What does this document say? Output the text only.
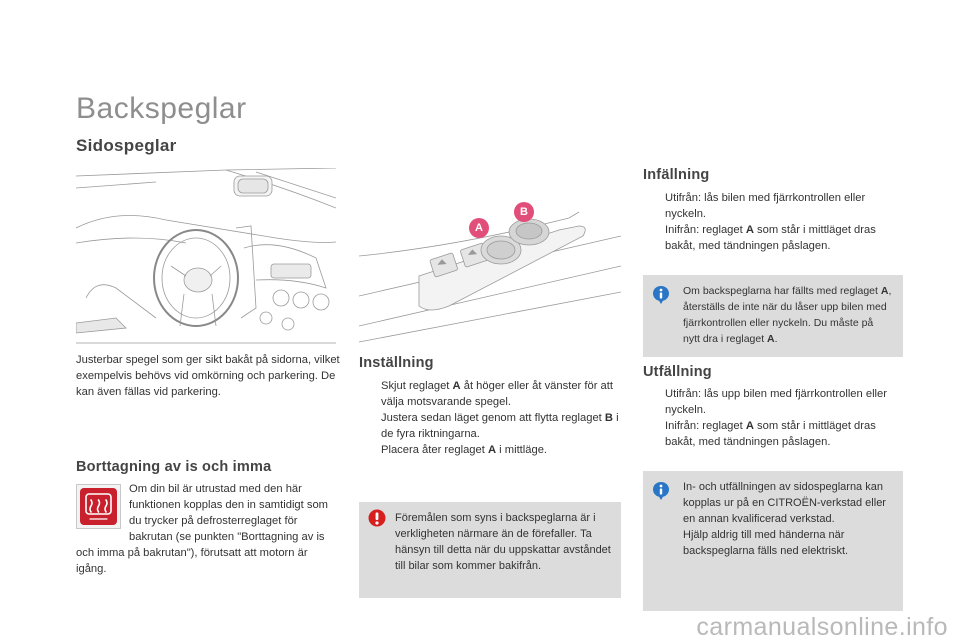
Backspeglar
Sidospeglar
A
B
Justerbar spegel som ger sikt bakåt på sidorna, vilket exempelvis behövs vid omkörning och parkering. De kan även fällas vid parkering.
Borttagning av is och imma
Om din bil är utrustad med den här funktionen kopplas den in samtidigt som du trycker på defrosterreglaget för bakrutan (se punkten "Borttagning av is och imma på bakrutan"), förutsatt att motorn är igång.
Inställning
Skjut reglaget A åt höger eller åt vänster för att välja motsvarande spegel.
Justera sedan läget genom att flytta reglaget B i de fyra riktningarna.
Placera åter reglaget A i mittläge.
Föremålen som syns i backspeglarna är i verkligheten närmare än de förefaller. Ta hänsyn till detta när du uppskattar avståndet till bilar som kommer bakifrån.
Infällning
Utifrån: lås bilen med fjärrkontrollen eller nyckeln.
Inifrån: reglaget A som står i mittläget dras bakåt, med tändningen påslagen.
Om backspeglarna har fällts med reglaget A, återställs de inte när du låser upp bilen med fjärrkontrollen eller nyckeln. Du måste på nytt dra i reglaget A.
Utfällning
Utifrån: lås upp bilen med fjärrkontrollen eller nyckeln.
Inifrån: reglaget A som står i mittläget dras bakåt, med tändningen påslagen.
In- och utfällningen av sidospeglarna kan kopplas ur på en CITROËN-verkstad eller en annan kvalificerad verkstad.
Hjälp aldrig till med händerna när backspeglarna fälls ned elektriskt.
carmanualsonline.info
